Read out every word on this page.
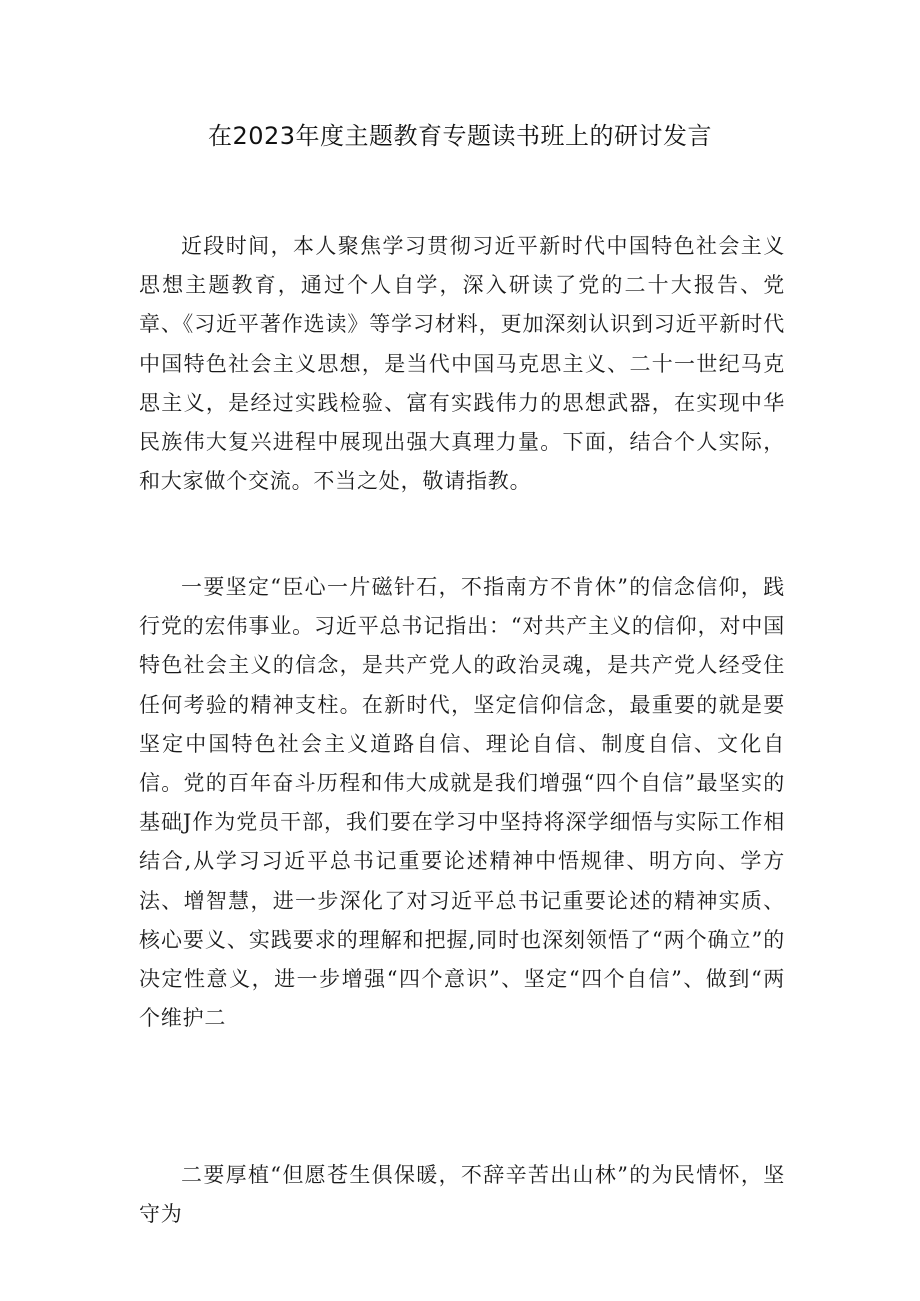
在2023年度主题教育专题读书班上的研讨发言

近段时间，本人聚焦学习贯彻习近平新时代中国特色社会主义思想主题教育，通过个人自学，深入研读了党的二十大报告、党章、《习近平著作选读》等学习材料，更加深刻认识到习近平新时代中国特色社会主义思想，是当代中国马克思主义、二十一世纪马克思主义，是经过实践检验、富有实践伟力的思想武器，在实现中华民族伟大复兴进程中展现出强大真理力量。下面，结合个人实际，和大家做个交流。不当之处，敬请指教。

一要坚定“臣心一片磁针石，不指南方不肯休”的信念信仰，践行党的宏伟事业。习近平总书记指出：“对共产主义的信仰，对中国特色社会主义的信念，是共产党人的政治灵魂，是共产党人经受住任何考验的精神支柱。在新时代，坚定信仰信念，最重要的就是要坚定中国特色社会主义道路自信、理论自信、制度自信、文化自信。党的百年奋斗历程和伟大成就是我们增强“四个自信”最坚实的基础J作为党员干部，我们要在学习中坚持将深学细悟与实际工作相结合,从学习习近平总书记重要论述精神中悟规律、明方向、学方法、增智慧，进一步深化了对习近平总书记重要论述的精神实质、核心要义、实践要求的理解和把握,同时也深刻领悟了“两个确立”的决定性意义，进一步增强“四个意识”、坚定“四个自信”、做到“两个维护二

二要厚植“但愿苍生俱保暖，不辞辛苦出山林”的为民情怀，坚守为
